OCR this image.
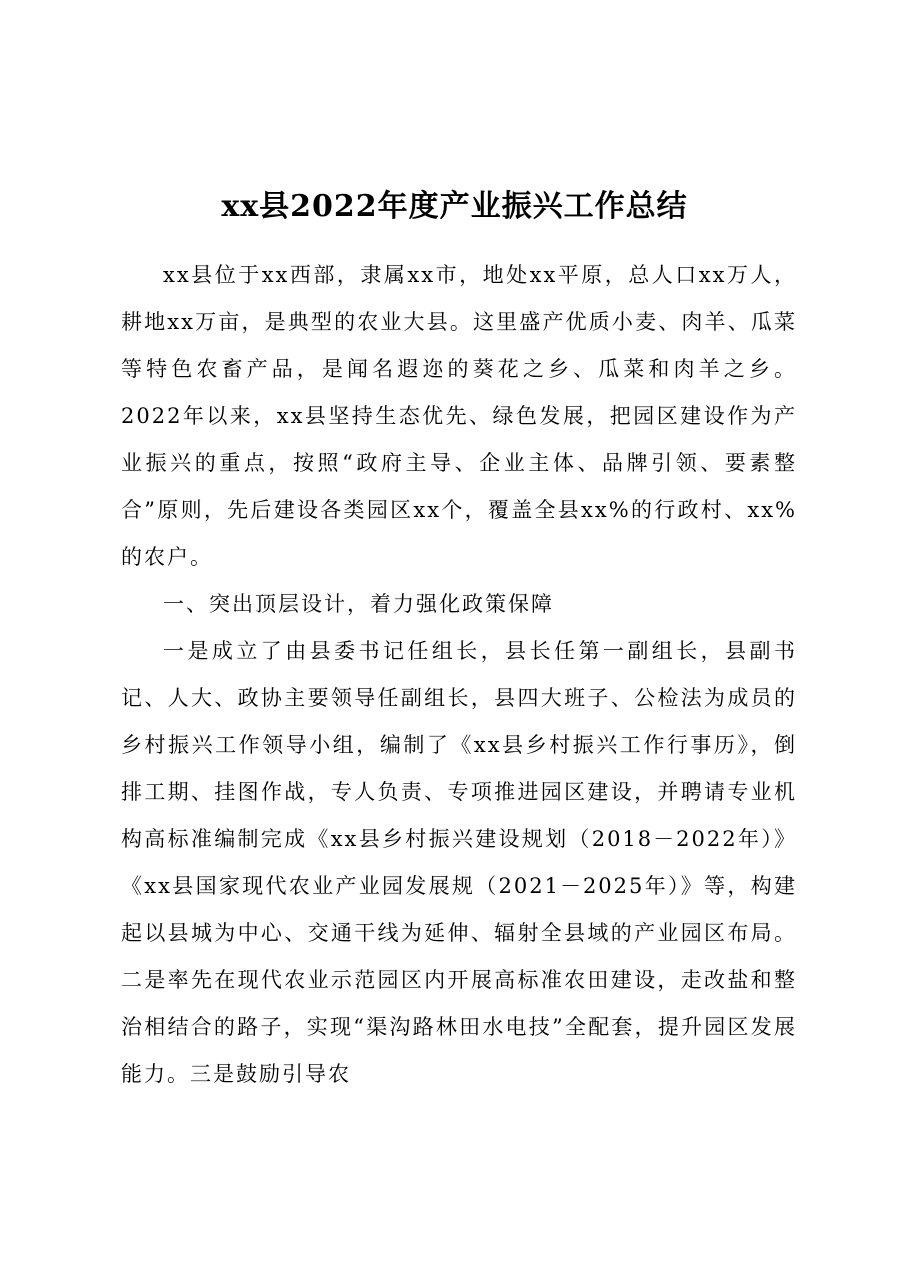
xx县2022年度产业振兴工作总结

xx县位于xx西部，隶属xx市，地处xx平原，总人口xx万人，耕地xx万亩，是典型的农业大县。这里盛产优质小麦、肉羊、瓜菜等特色农畜产品，是闻名遐迩的葵花之乡、瓜菜和肉羊之乡。2022年以来，xx县坚持生态优先、绿色发展，把园区建设作为产业振兴的重点，按照“政府主导、企业主体、品牌引领、要素整合”原则，先后建设各类园区xx个，覆盖全县xx%的行政村、xx%的农户。

一、突出顶层设计，着力强化政策保障

一是成立了由县委书记任组长，县长任第一副组长，县副书记、人大、政协主要领导任副组长，县四大班子、公检法为成员的乡村振兴工作领导小组，编制了《xx县乡村振兴工作行事历》，倒排工期、挂图作战，专人负责、专项推进园区建设，并聘请专业机构高标准编制完成《xx县乡村振兴建设规划（2018－2022年）》《xx县国家现代农业产业园发展规（2021－2025年）》等，构建起以县城为中心、交通干线为延伸、辐射全县域的产业园区布局。二是率先在现代农业示范园区内开展高标准农田建设，走改盐和整治相结合的路子，实现“渠沟路林田水电技”全配套，提升园区发展能力。三是鼓励引导农
